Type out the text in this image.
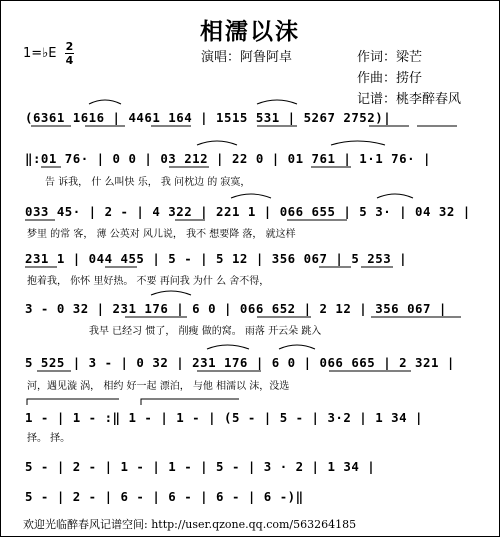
相濡以沫
1=♭E 2
4	演唱：阿鲁阿卓	作词：梁芒
作曲：捞仔
记谱：桃李醉春风
(6361 1616 | 4461 164 | 1515 531 | 5267 2752)|
‖:01 76· | 0 0 | 03 212 | 22 0 | 01 761 | 1·1 76· |
告 诉我， 什 么叫快 乐， 我 问枕边 的 寂寞，
033 45· | 2 - | 4 322 | 221 1 | 066 655 | 5 3· | 04 32 |
梦里 的常 客， 薄 公英对 风儿说， 我不 想要降 落， 就这样
231 1 | 044 455 | 5 - | 5 12 | 356 067 | 5 253 |
抱着我， 你怀 里好热。 不要 再问我 为什 么 舍不得，
3 - 0 32 | 231 176 | 6 0 | 066 652 | 2 12 | 356 067 |
我早 已经习 惯了， 削瘦 做的窝。 雨落 开云朵 跳入
5 525 | 3 - | 0 32 | 231 176 | 6 0 | 066 665 | 2 321 |
河，遇见漩 涡， 相约 好一起 漂泊， 与他 相濡以 沫，没选
1 - | 1 - :‖ 1 - | 1 - | (5 - | 5 - | 3·2 | 1 34 |
择。 择。
5 - | 2 - | 1 - | 1 - | 5 - | 3 · 2 | 1 34 |
5 - | 2 - | 6 - | 6 - | 6 - | 6 -)‖
欢迎光临醉春风记谱空间: http://user.qzone.qq.com/563264185
